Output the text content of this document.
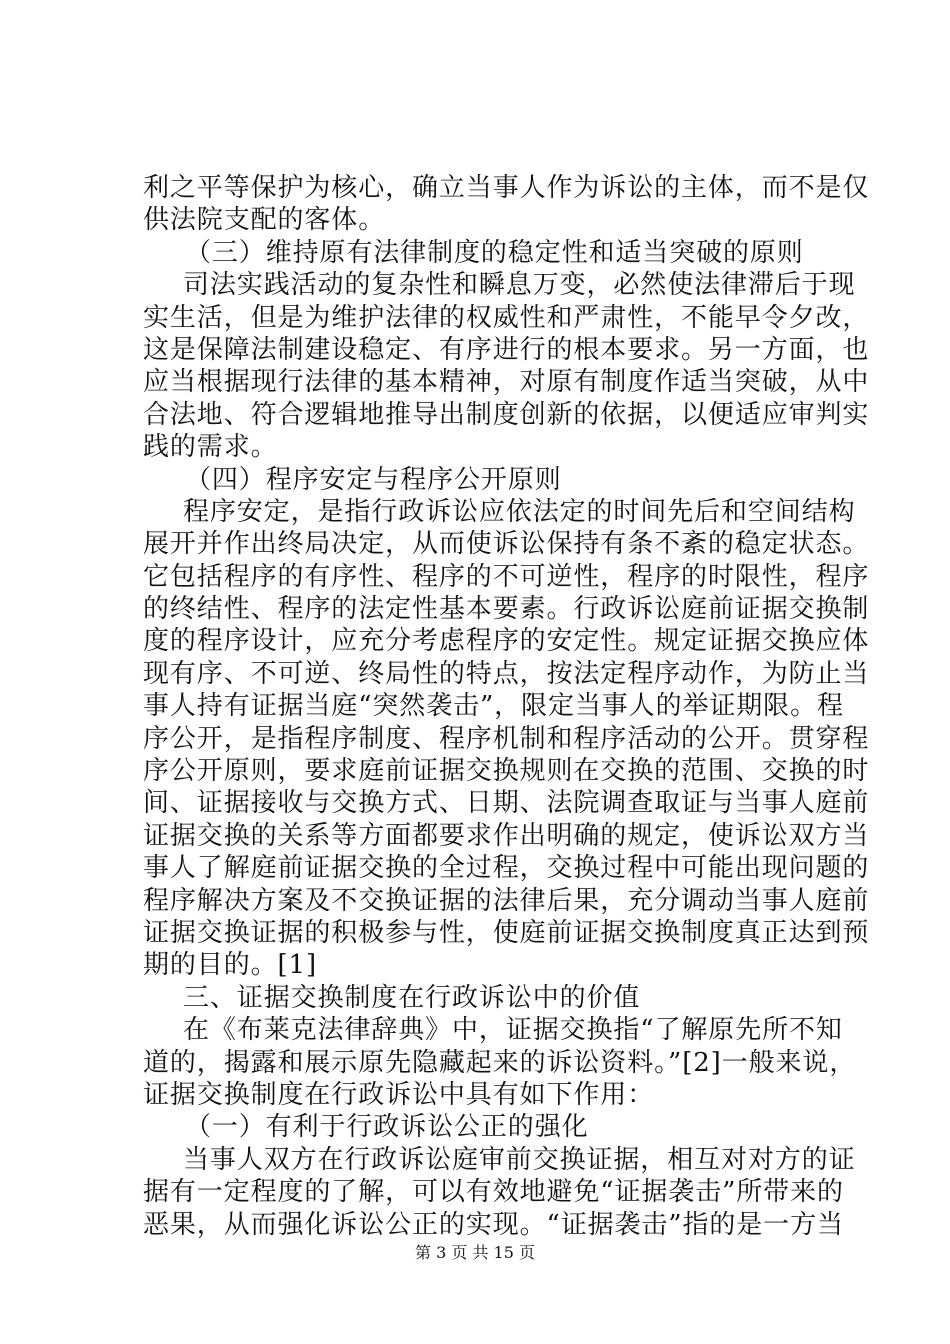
利之平等保护为核心，确立当事人作为诉讼的主体，而不是仅
供法院支配的客体。
（三）维持原有法律制度的稳定性和适当突破的原则
司法实践活动的复杂性和瞬息万变，必然使法律滞后于现
实生活，但是为维护法律的权威性和严肃性，不能早令夕改，
这是保障法制建设稳定、有序进行的根本要求。另一方面，也
应当根据现行法律的基本精神，对原有制度作适当突破，从中
合法地、符合逻辑地推导出制度创新的依据，以便适应审判实
践的需求。
（四）程序安定与程序公开原则
程序安定，是指行政诉讼应依法定的时间先后和空间结构
展开并作出终局决定，从而使诉讼保持有条不紊的稳定状态。
它包括程序的有序性、程序的不可逆性，程序的时限性，程序
的终结性、程序的法定性基本要素。行政诉讼庭前证据交换制
度的程序设计，应充分考虑程序的安定性。规定证据交换应体
现有序、不可逆、终局性的特点，按法定程序动作，为防止当
事人持有证据当庭“突然袭击”，限定当事人的举证期限。程
序公开，是指程序制度、程序机制和程序活动的公开。贯穿程
序公开原则，要求庭前证据交换规则在交换的范围、交换的时
间、证据接收与交换方式、日期、法院调查取证与当事人庭前
证据交换的关系等方面都要求作出明确的规定，使诉讼双方当
事人了解庭前证据交换的全过程，交换过程中可能出现问题的
程序解决方案及不交换证据的法律后果，充分调动当事人庭前
证据交换证据的积极参与性，使庭前证据交换制度真正达到预
期的目的。[1]
三、证据交换制度在行政诉讼中的价值
在《布莱克法律辞典》中，证据交换指“了解原先所不知
道的，揭露和展示原先隐藏起来的诉讼资料。”[2]一般来说，
证据交换制度在行政诉讼中具有如下作用：
（一）有利于行政诉讼公正的强化
当事人双方在行政诉讼庭审前交换证据，相互对对方的证
据有一定程度的了解，可以有效地避免“证据袭击”所带来的
恶果，从而强化诉讼公正的实现。“证据袭击”指的是一方当
第 3 页 共 15 页
